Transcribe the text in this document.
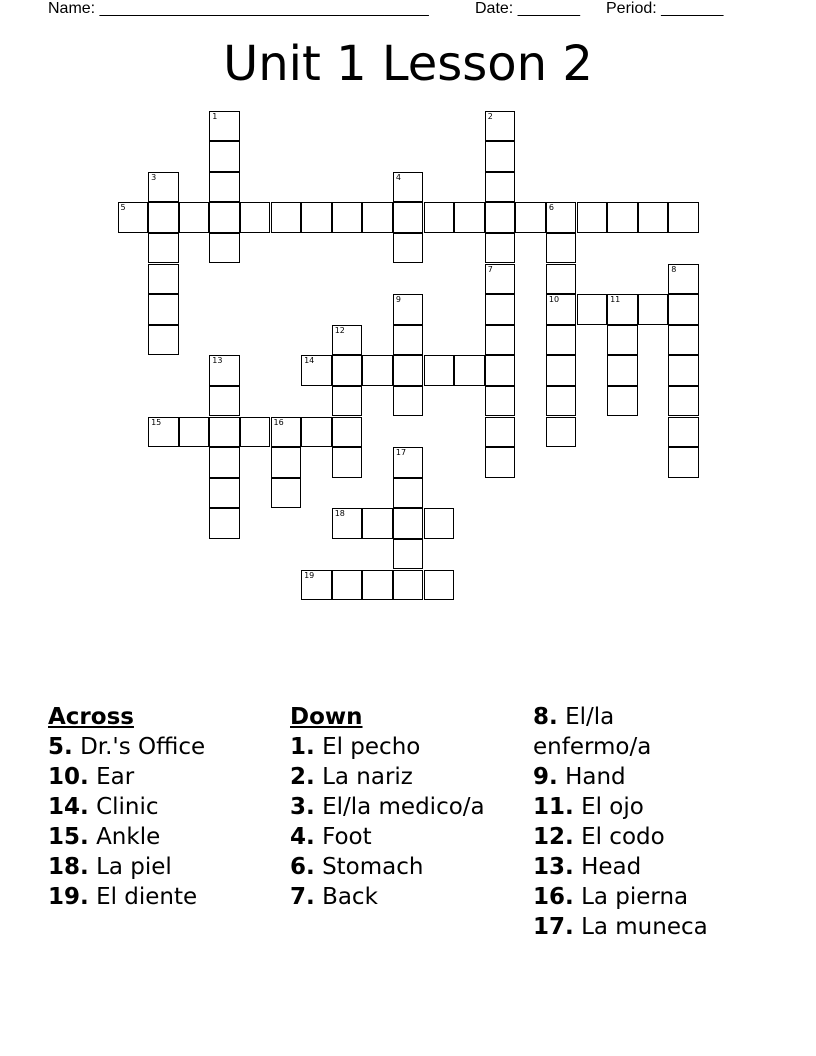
Name: _____________________________________	Date: _______ Period: _______
Unit 1 Lesson 2
5	6
10	11
14
15	16
18
19
1	2
3	4
7	8
9
12
13
17
Across
5. Dr.'s Office
10. Ear
14. Clinic
15. Ankle
18. La piel
19. El diente
Down
1. El pecho
2. La nariz
3. El/la medico/a
4. Foot
6. Stomach
7. Back
8. El/la enfermo/a
9. Hand
11. El ojo
12. El codo
13. Head
16. La pierna
17. La muneca
